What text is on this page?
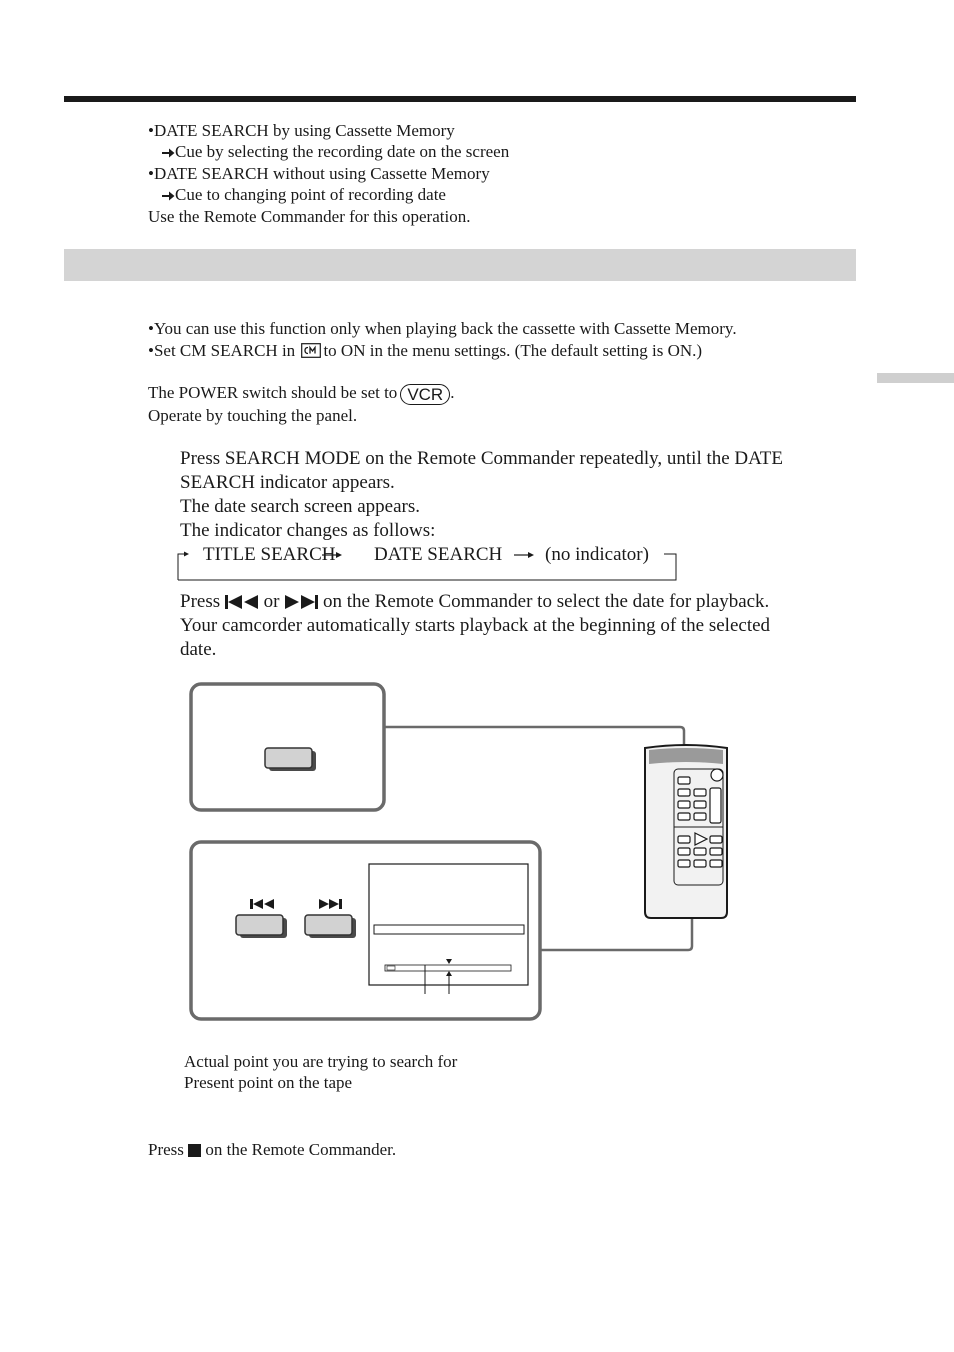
•DATE SEARCH by using Cassette Memory
Cue by selecting the recording date on the screen
•DATE SEARCH without using Cassette Memory
Cue to changing point of recording date
Use the Remote Commander for this operation.
•You can use this function only when playing back the cassette with Cassette Memory.
•Set CM SEARCH in to ON in the menu settings. (The default setting is ON.)
The POWER switch should be set to VCR .
Operate by touching the panel.
Press SEARCH MODE on the Remote Commander repeatedly, until the DATE
SEARCH indicator appears.
The date search screen appears.
The indicator changes as follows:
TITLE SEARCH DATE SEARCH (no indicator)
Press or on the Remote Commander to select the date for playback.
Your camcorder automatically starts playback at the beginning of the selected
date.
Actual point you are trying to search for
Present point on the tape
Press on the Remote Commander.
